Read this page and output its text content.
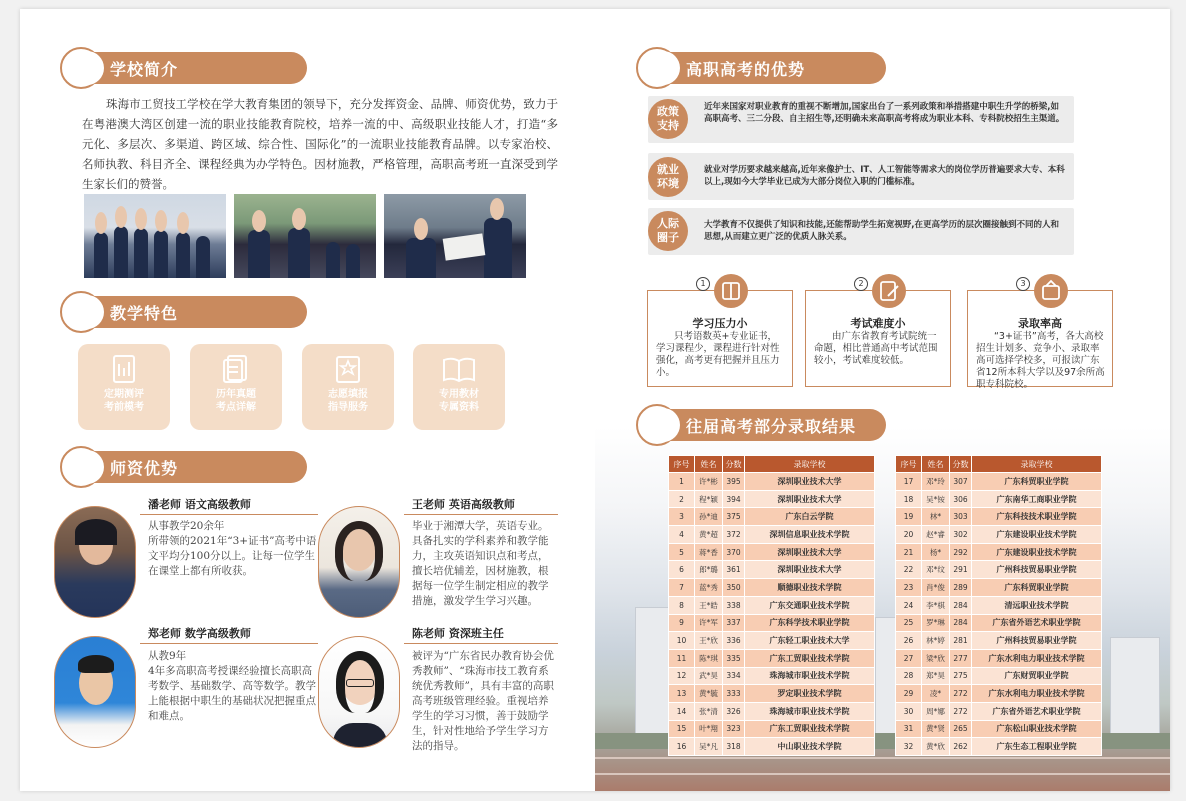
学校简介

珠海市工贸技工学校在学大教育集团的领导下，充分发挥资金、品牌、师资优势，致力于在粤港澳大湾区创建一流的职业技能教育院校，培养一流的中、高级职业技能人才，打造“多元化、多层次、多渠道、跨区域、综合性、国际化”的一流职业技能教育品牌。以专家治校、名师执教、科目齐全、课程经典为办学特色。因材施教，严格管理，高职高考班一直深受到学生家长们的赞誉。

教学特色
定期测评
考前模考
历年真题
考点详解
志愿填报
指导服务
专用教材
专属资料
师资优势
潘老师 语文高级教师
从事教学20余年
所带领的2021年“3+证书”高考中语文平均分100分以上。让每一位学生在课堂上都有所收获。
王老师 英语高级教师
毕业于湘潭大学，英语专业。具备扎实的学科素养和教学能力，主攻英语知识点和考点，擅长培优辅差，因材施教，根据每一位学生制定相应的教学措施，激发学生学习兴趣。
郑老师 数学高级教师
从教9年
4年多高职高考授课经验擅长高职高考数学、基础数学、高等数学。教学上能根据中职生的基础状况把握重点和难点。
陈老师 资深班主任
被评为“广东省民办教育协会优秀教师”、“珠海市技工教育系统优秀教师”，具有丰富的高职高考班级管理经验。重视培养学生的学习习惯，善于鼓励学生，针对性地给予学生学习方法的指导。
高职高考的优势
政策
支持
近年来国家对职业教育的重视不断增加,国家出台了一系列政策和举措搭建中职生升学的桥梁,如高职高考、三二分段、自主招生等,还明确未来高职高考将成为职业本科、专科院校招生主渠道。
就业
环境
就业对学历要求越来越高,近年来像护士、IT、人工智能等需求大的岗位学历普遍要求大专、本科以上,现如今大学毕业已成为大部分岗位入职的门槛标准。
人际
圈子
大学教育不仅提供了知识和技能,还能帮助学生拓宽视野,在更高学历的层次圈接触到不同的人和思想,从而建立更广泛的优质人脉关系。
1
学习压力小
只考语数英+专业证书，学习课程少，课程进行针对性强化，高考更有把握并且压力小。
2
考试难度小
由广东省教育考试院统一命题，相比普通高中考试范围较小，考试难度较低。
3
录取率高
“3+证书”高考，各大高校招生计划多、竞争小、录取率高可选择学校多，可报读广东省12所本科大学以及97余所高职专科院校。
往届高考部分录取结果
序号	姓名	分数	录取学校
1	许*彬	395	深圳职业技术大学
2	程*颖	394	深圳职业技术大学
3	孙*迪	375	广东白云学院
4	黄*超	372	深圳信息职业技术学院
5	蒋*香	370	深圳职业技术大学
6	郎*璐	361	深圳职业技术大学
7	蓝*秀	350	顺德职业技术学院
8	王*皓	338	广东交通职业技术学院
9	许*军	337	广东科学技术职业学院
10	王*欣	336	广东轻工职业技术大学
11	陈*琪	335	广东工贸职业技术学院
12	武*昊	334	珠海城市职业技术学院
13	黄*毓	333	罗定职业技术学院
14	张*清	326	珠海城市职业技术学院
15	叶*翔	323	广东工贸职业技术学院
16	吴*凡	318	中山职业技术学院
序号	姓名	分数	录取学校
17	邓*玲	307	广东科贸职业学院
18	吴*铵	306	广东南华工商职业学院
19	林*	303	广东科技技术职业学院
20	赵*睿	302	广东建设职业技术学院
21	杨*	292	广东建设职业技术学院
22	邓*纹	291	广州科技贸易职业学院
23	肖*俊	289	广东科贸职业学院
24	李*棋	284	清远职业技术学院
25	罗*琳	284	广东省外语艺术职业学院
26	林*婷	281	广州科技贸易职业学院
27	梁*欣	277	广东水利电力职业技术学院
28	郑*昊	275	广东财贸职业学院
29	凌*	272	广东水利电力职业技术学院
30	周*娜	272	广东省外语艺术职业学院
31	黄*贤	265	广东松山职业技术学院
32	黄*欣	262	广东生态工程职业学院
